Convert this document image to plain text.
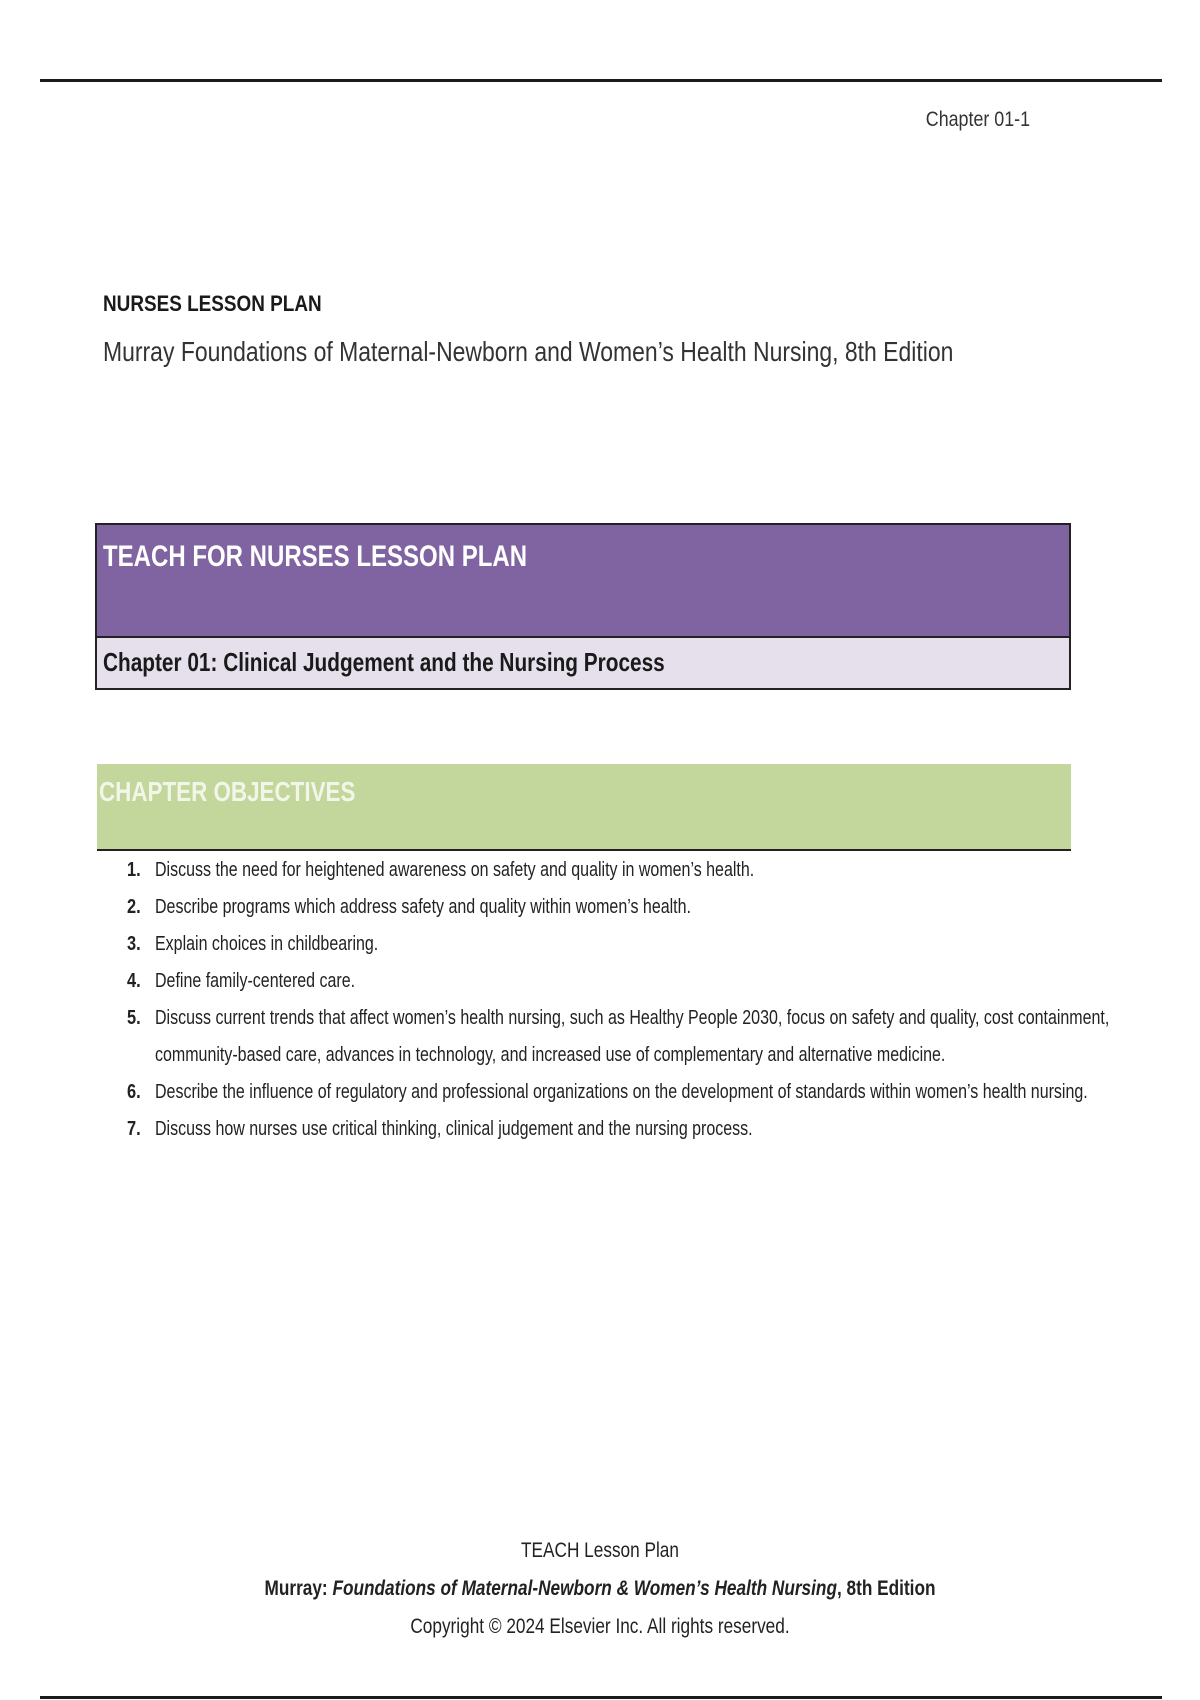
Chapter 01-1
NURSES LESSON PLAN
Murray Foundations of Maternal-Newborn and Women’s Health Nursing, 8th Edition
TEACH FOR NURSES LESSON PLAN
Chapter 01: Clinical Judgement and the Nursing Process
CHAPTER OBJECTIVES
1. Discuss the need for heightened awareness on safety and quality in women’s health.
2. Describe programs which address safety and quality within women’s health.
3. Explain choices in childbearing.
4. Define family-centered care.
5. Discuss current trends that affect women’s health nursing, such as Healthy People 2030, focus on safety and quality, cost containment,
community-based care, advances in technology, and increased use of complementary and alternative medicine.
6. Describe the influence of regulatory and professional organizations on the development of standards within women’s health nursing.
7. Discuss how nurses use critical thinking, clinical judgement and the nursing process.
TEACH Lesson Plan
Murray: Foundations of Maternal-Newborn & Women’s Health Nursing, 8th Edition
Copyright © 2024 Elsevier Inc. All rights reserved.
